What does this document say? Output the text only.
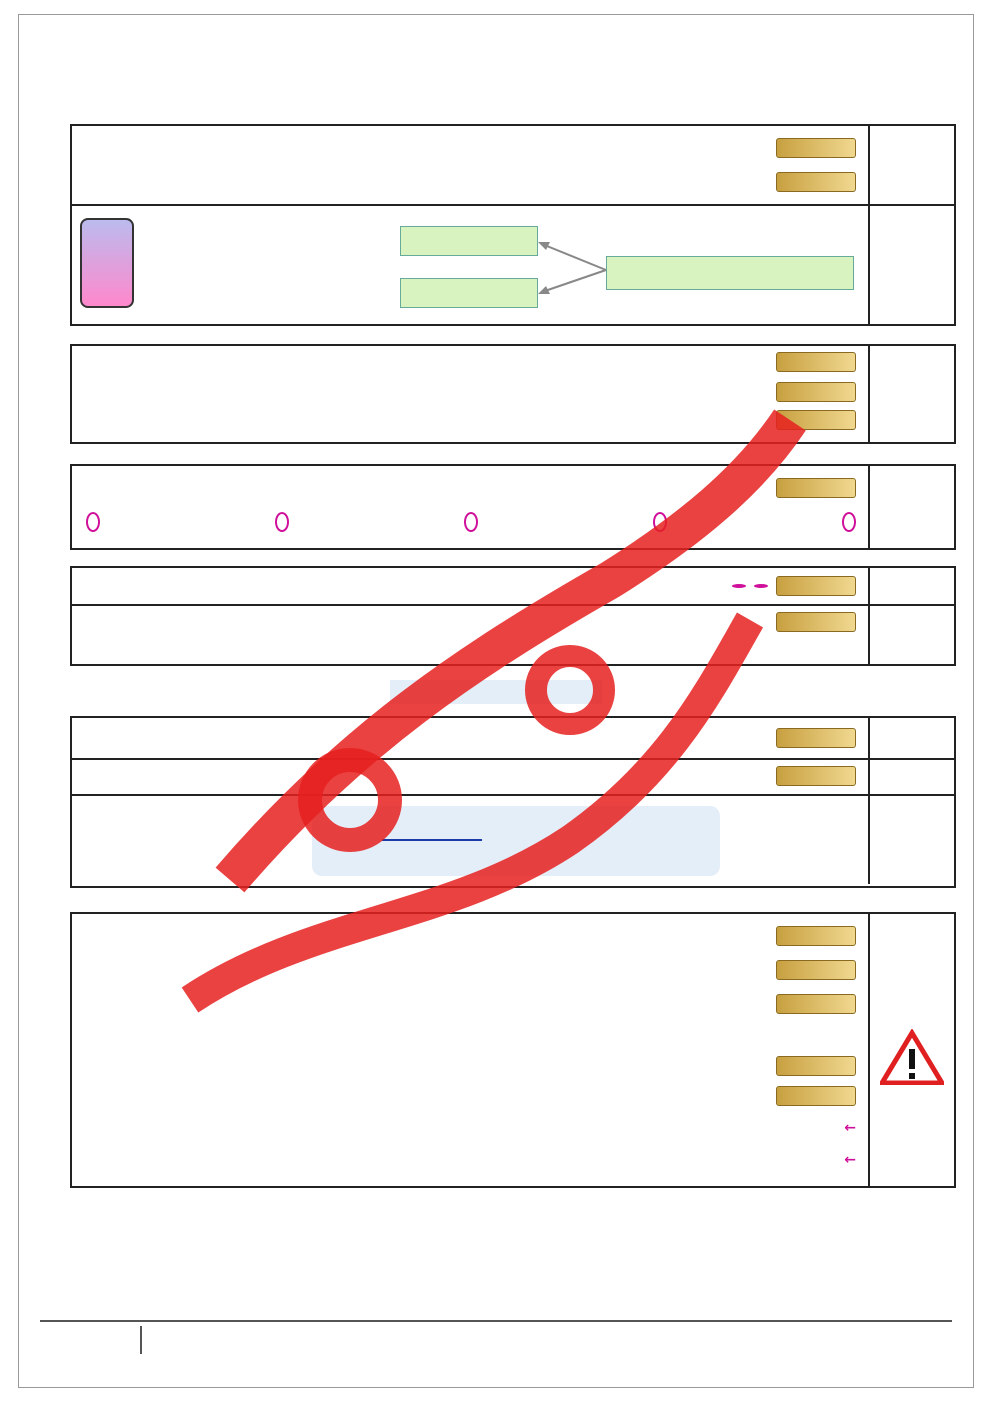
←
←
